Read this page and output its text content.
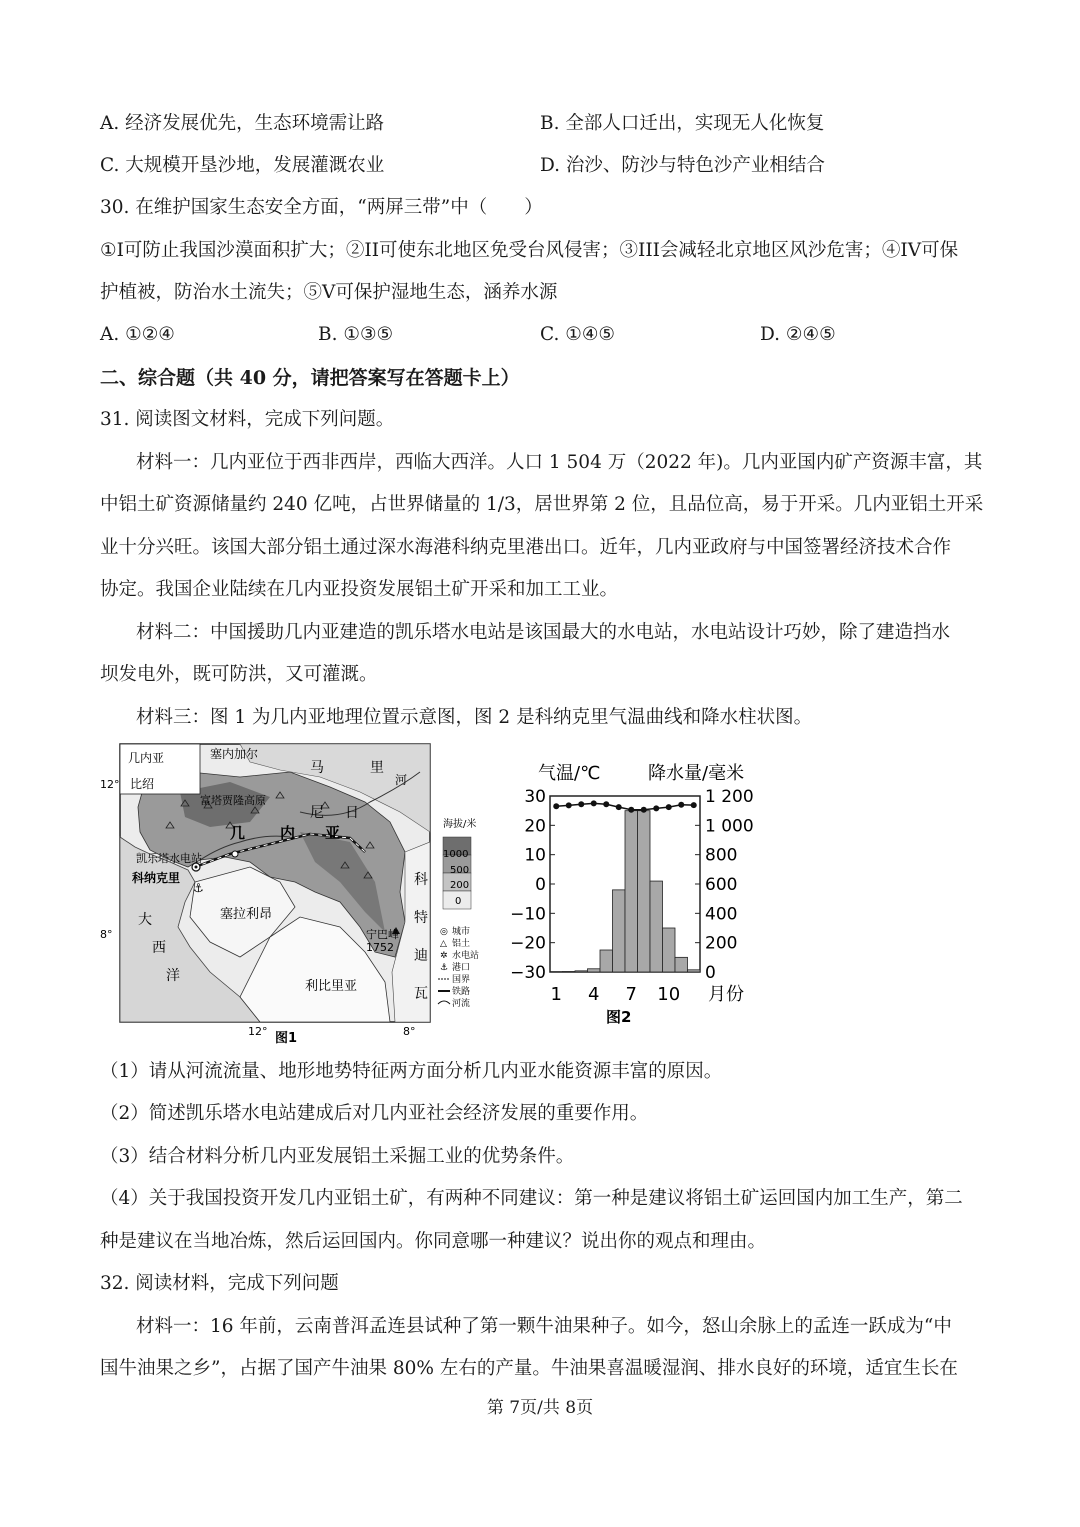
A. 经济发展优先，生态环境需让路	B. 全部人口迁出，实现无人化恢复
C. 大规模开垦沙地，发展灌溉农业	D. 治沙、防沙与特色沙产业相结合
30. 在维护国家生态安全方面，“两屏三带”中（　　）
①I可防止我国沙漠面积扩大；②II可使东北地区免受台风侵害；③III会减轻北京地区风沙危害；④IV可保
护植被，防治水土流失；⑤V可保护湿地生态，涵养水源
A. ①②④	B. ①③⑤	C. ①④⑤	D. ②④⑤
二、综合题（共 40 分，请把答案写在答题卡上）
31. 阅读图文材料，完成下列问题。
材料一：几内亚位于西非西岸，西临大西洋。人口 1 504 万（2022 年)。几内亚国内矿产资源丰富，其
中铝土矿资源储量约 240 亿吨，占世界储量的 1/3，居世界第 2 位，且品位高，易于开采。几内亚铝土开采
业十分兴旺。该国大部分铝土通过深水海港科纳克里港出口。近年，几内亚政府与中国签署经济技术合作
协定。我国企业陆续在几内亚投资发展铝土矿开采和加工工业。
材料二：中国援助几内亚建造的凯乐塔水电站是该国最大的水电站，水电站设计巧妙，除了建造挡水
坝发电外，既可防洪，又可灌溉。
材料三：图 1 为几内亚地理位置示意图，图 2 是科纳克里气温曲线和降水柱状图。
⚓
塞内加尔
几内亚
比绍
马	里
尼 日
几 内 亚
塞拉利昂
利比里亚
科
特
迪
瓦
富塔贾隆高原
凯乐塔水电站
科纳克里
宁巴峰
1752
河
大
西
洋
12°
8°
12°	8°
图1
海拔/米
1000
500
200
0
◎ 城市
△ 铝土
✲ 水电站
⚓ 港口
国界
铁路
河流
气温/℃	降水量/毫米
30
20
10
0
−10
−20
−30
1 200
1 000
800
600
400
200
0
1 4 7 10 月份
图2
（1）请从河流流量、地形地势特征两方面分析几内亚水能资源丰富的原因。
（2）简述凯乐塔水电站建成后对几内亚社会经济发展的重要作用。
（3）结合材料分析几内亚发展铝土采掘工业的优势条件。
（4）关于我国投资开发几内亚铝土矿，有两种不同建议：第一种是建议将铝土矿运回国内加工生产，第二
种是建议在当地冶炼，然后运回国内。你同意哪一种建议？说出你的观点和理由。
32. 阅读材料，完成下列问题
材料一：16 年前，云南普洱孟连县试种了第一颗牛油果种子。如今，怒山余脉上的孟连一跃成为“中
国牛油果之乡”，占据了国产牛油果 80% 左右的产量。牛油果喜温暖湿润、排水良好的环境，适宜生长在
第 7页/共 8页
